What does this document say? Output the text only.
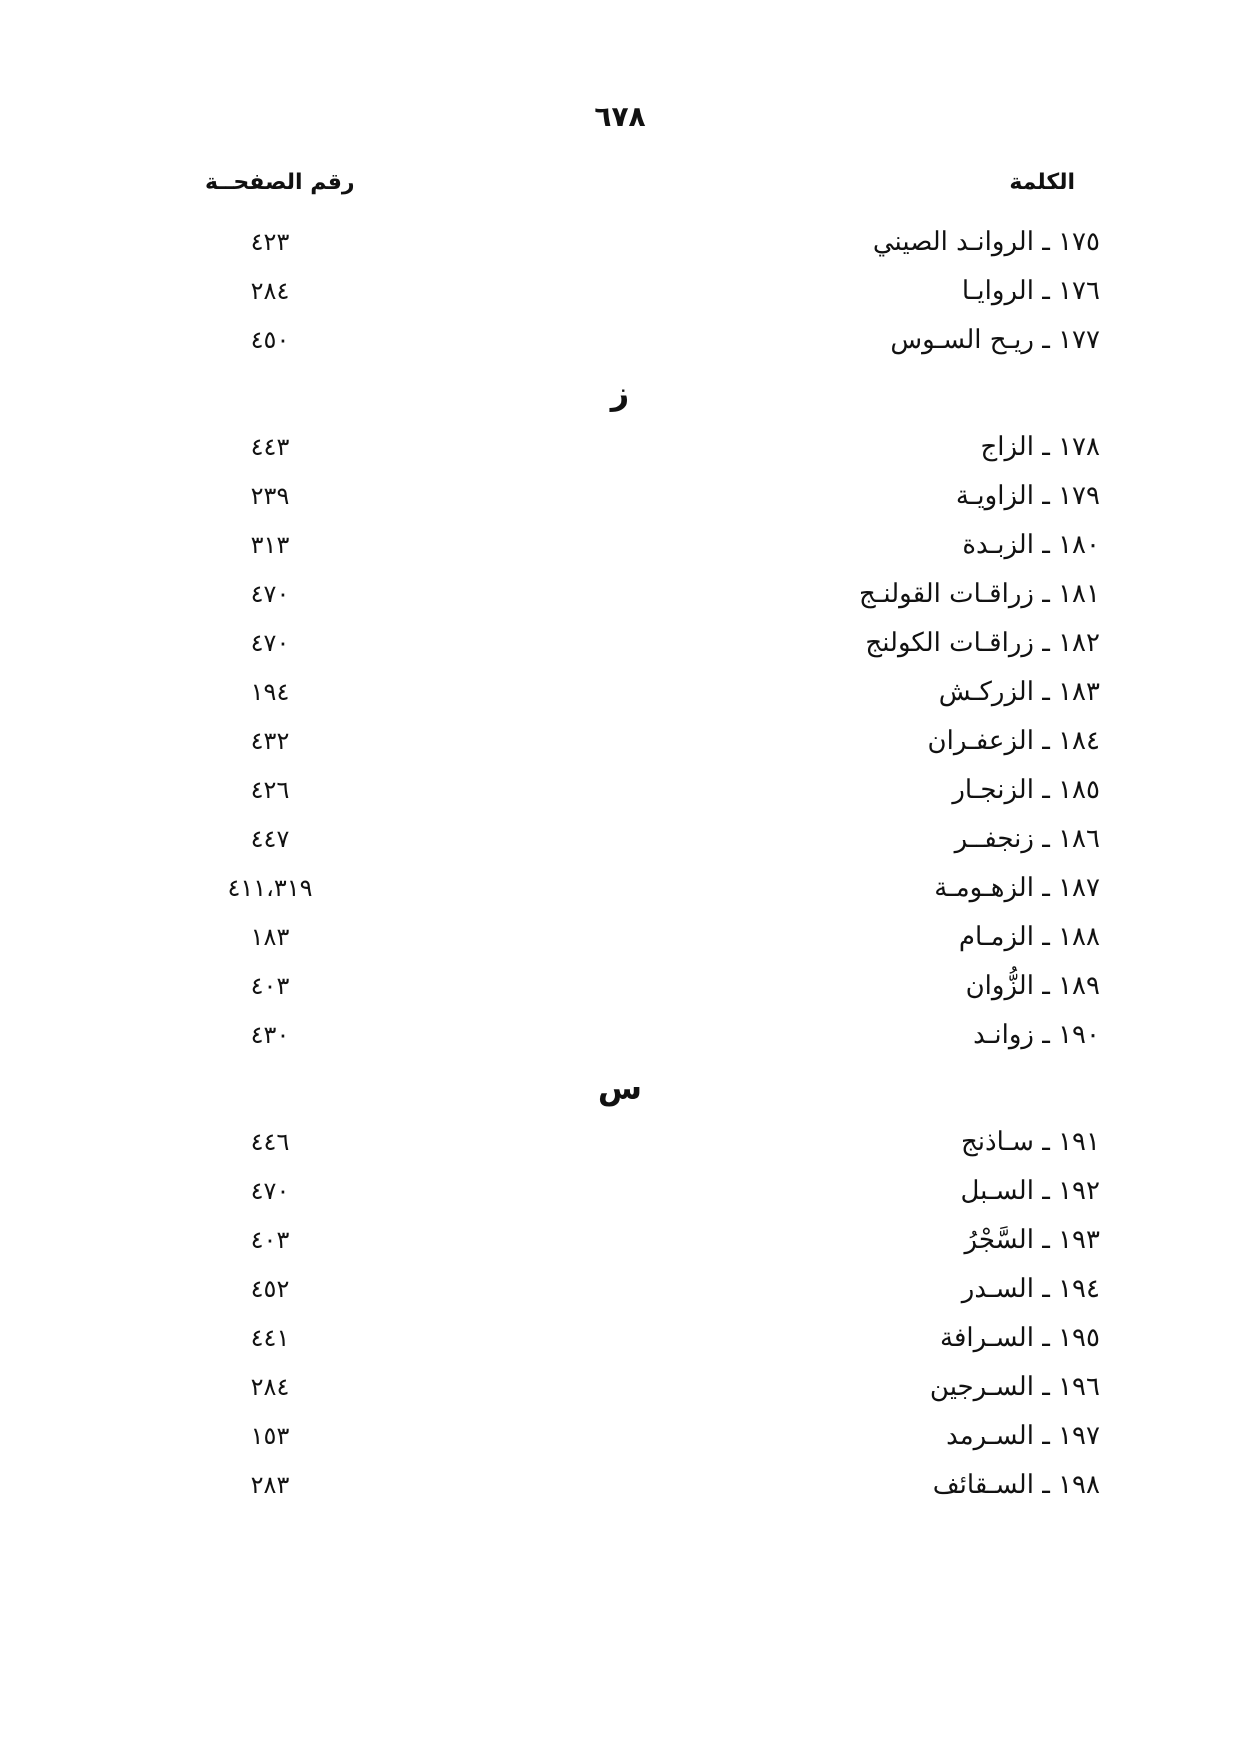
٦٧٨
الكلمة
رقم الصفحــة
١٧٥ ـ الروانـد الصيني
٤٢٣
١٧٦ ـ الروايـا
٢٨٤
١٧٧ ـ ريـح السـوس
٤٥٠
ز
١٧٨ ـ الزاج
٤٤٣
١٧٩ ـ الزاويـة
٢٣٩
١٨٠ ـ الزبـدة
٣١٣
١٨١ ـ زراقـات القولنـج
٤٧٠
١٨٢ ـ زراقـات الكولنج
٤٧٠
١٨٣ ـ الزركـش
١٩٤
١٨٤ ـ الزعفـران
٤٣٢
١٨٥ ـ الزنجـار
٤٢٦
١٨٦ ـ زنجفــر
٤٤٧
١٨٧ ـ الزهـومـة
٤١١،٣١٩
١٨٨ ـ الزمـام
١٨٣
١٨٩ ـ الزُّوان
٤٠٣
١٩٠ ـ زوانـد
٤٣٠
س
١٩١ ـ سـاذنج
٤٤٦
١٩٢ ـ السـبل
٤٧٠
١٩٣ ـ السَّجْرُ
٤٠٣
١٩٤ ـ السـدر
٤٥٢
١٩٥ ـ السـرافة
٤٤١
١٩٦ ـ السـرجين
٢٨٤
١٩٧ ـ السـرمد
١٥٣
١٩٨ ـ السـقائف
٢٨٣
